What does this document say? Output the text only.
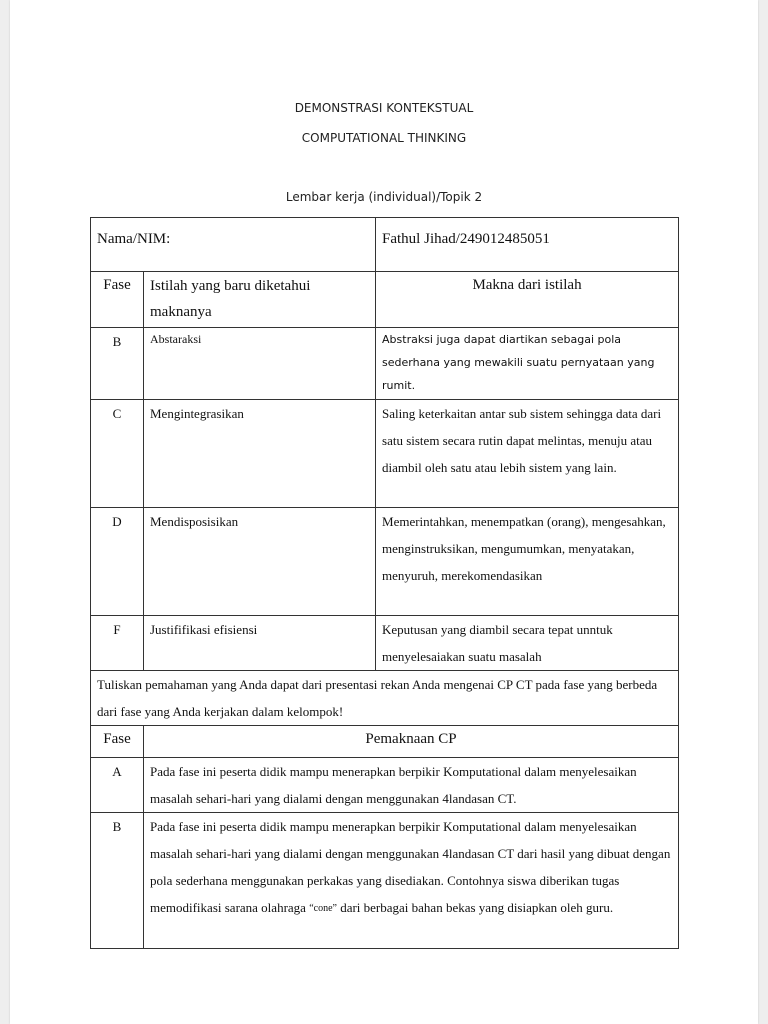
DEMONSTRASI KONTEKSTUAL
COMPUTATIONAL THINKING
Lembar kerja (individual)/Topik 2
Nama/NIM:		Fathul Jihad/249012485051
Fase	Istilah yang baru diketahui maknanya	Makna dari istilah
B	Abstaraksi	Abstraksi juga dapat diartikan sebagai pola sederhana yang mewakili suatu pernyataan yang rumit.
C	Mengintegrasikan	Saling keterkaitan antar sub sistem sehingga data dari satu sistem secara rutin dapat melintas, menuju atau diambil oleh satu atau lebih sistem yang lain.
D	Mendisposisikan	Memerintahkan, menempatkan (orang), mengesahkan, menginstruksikan, mengumumkan, menyatakan, menyuruh, merekomendasikan
F	Justififikasi efisiensi	Keputusan yang diambil secara tepat unntuk menyelesaiakan suatu masalah
Tuliskan pemahaman yang Anda dapat dari presentasi rekan Anda mengenai CP CT pada fase yang berbeda dari fase yang Anda kerjakan dalam kelompok!		
Fase	Pemaknaan CP	
A	Pada fase ini peserta didik mampu menerapkan berpikir Komputational dalam menyelesaikan masalah sehari-hari yang dialami dengan menggunakan 4landasan CT.	
B	Pada fase ini peserta didik mampu menerapkan berpikir Komputational dalam menyelesaikan masalah sehari-hari yang dialami dengan menggunakan 4landasan CT dari hasil yang dibuat dengan pola sederhana menggunakan perkakas yang disediakan. Contohnya siswa diberikan tugas memodifikasi sarana olahraga “cone” dari berbagai bahan bekas yang disiapkan oleh guru.	
